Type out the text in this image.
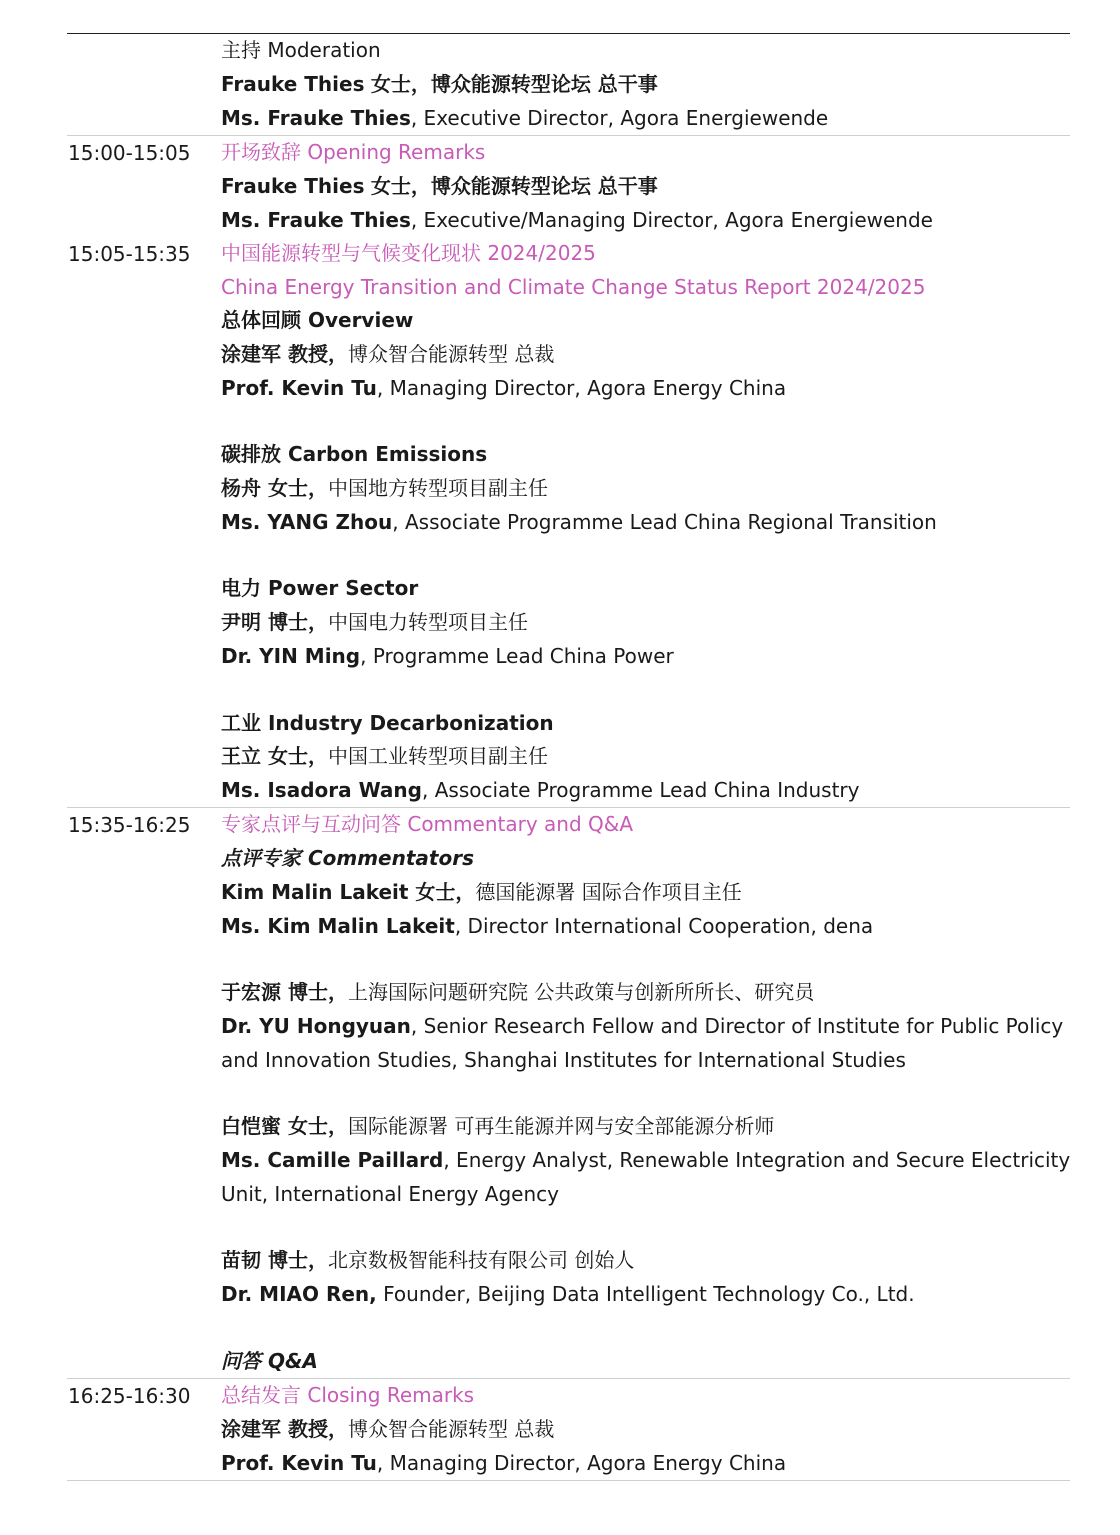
主持 Moderation
Frauke Thies 女士，博众能源转型论坛 总干事
Ms. Frauke Thies, Executive Director, Agora Energiewende
15:00-15:05 开场致辞 Opening Remarks
Frauke Thies 女士，博众能源转型论坛 总干事
Ms. Frauke Thies, Executive/Managing Director, Agora Energiewende
15:05-15:35 中国能源转型与气候变化现状 2024/2025
China Energy Transition and Climate Change Status Report 2024/2025
总体回顾 Overview
涂建军 教授，博众智合能源转型 总裁
Prof. Kevin Tu, Managing Director, Agora Energy China
碳排放 Carbon Emissions
杨舟 女士，中国地方转型项目副主任
Ms. YANG Zhou, Associate Programme Lead China Regional Transition
电力 Power Sector
尹明 博士，中国电力转型项目主任
Dr. YIN Ming, Programme Lead China Power
工业 Industry Decarbonization
王立 女士，中国工业转型项目副主任
Ms. Isadora Wang, Associate Programme Lead China Industry
15:35-16:25 专家点评与互动问答 Commentary and Q&A
点评专家 Commentators
Kim Malin Lakeit 女士，德国能源署 国际合作项目主任
Ms. Kim Malin Lakeit, Director International Cooperation, dena
于宏源 博士，上海国际问题研究院 公共政策与创新所所长、研究员
Dr. YU Hongyuan, Senior Research Fellow and Director of Institute for Public Policy
and Innovation Studies, Shanghai Institutes for International Studies
白恺蜜 女士，国际能源署 可再生能源并网与安全部能源分析师
Ms. Camille Paillard, Energy Analyst, Renewable Integration and Secure Electricity
Unit, International Energy Agency
苗韧 博士，北京数极智能科技有限公司 创始人
Dr. MIAO Ren, Founder, Beijing Data Intelligent Technology Co., Ltd.
问答 Q&A
16:25-16:30 总结发言 Closing Remarks
涂建军 教授，博众智合能源转型 总裁
Prof. Kevin Tu, Managing Director, Agora Energy China
